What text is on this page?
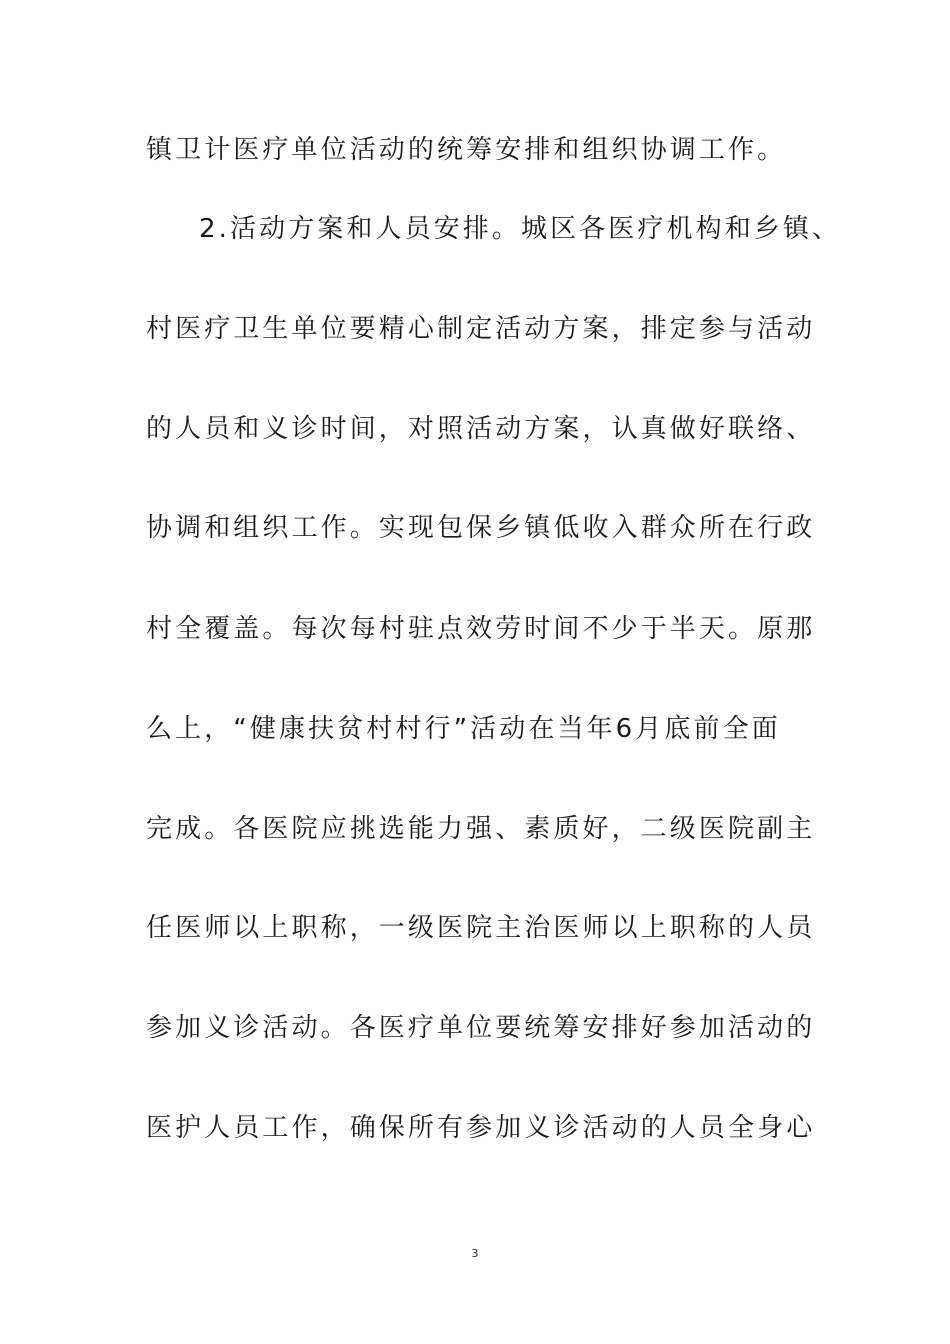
镇卫计医疗单位活动的统筹安排和组织协调工作。
2.活动方案和人员安排。城区各医疗机构和乡镇、
村医疗卫生单位要精心制定活动方案，排定参与活动
的人员和义诊时间，对照活动方案，认真做好联络、
协调和组织工作。实现包保乡镇低收入群众所在行政
村全覆盖。每次每村驻点效劳时间不少于半天。原那
么上，“健康扶贫村村行”活动在当年6月底前全面
完成。各医院应挑选能力强、素质好，二级医院副主
任医师以上职称，一级医院主治医师以上职称的人员
参加义诊活动。各医疗单位要统筹安排好参加活动的
医护人员工作，确保所有参加义诊活动的人员全身心
3
